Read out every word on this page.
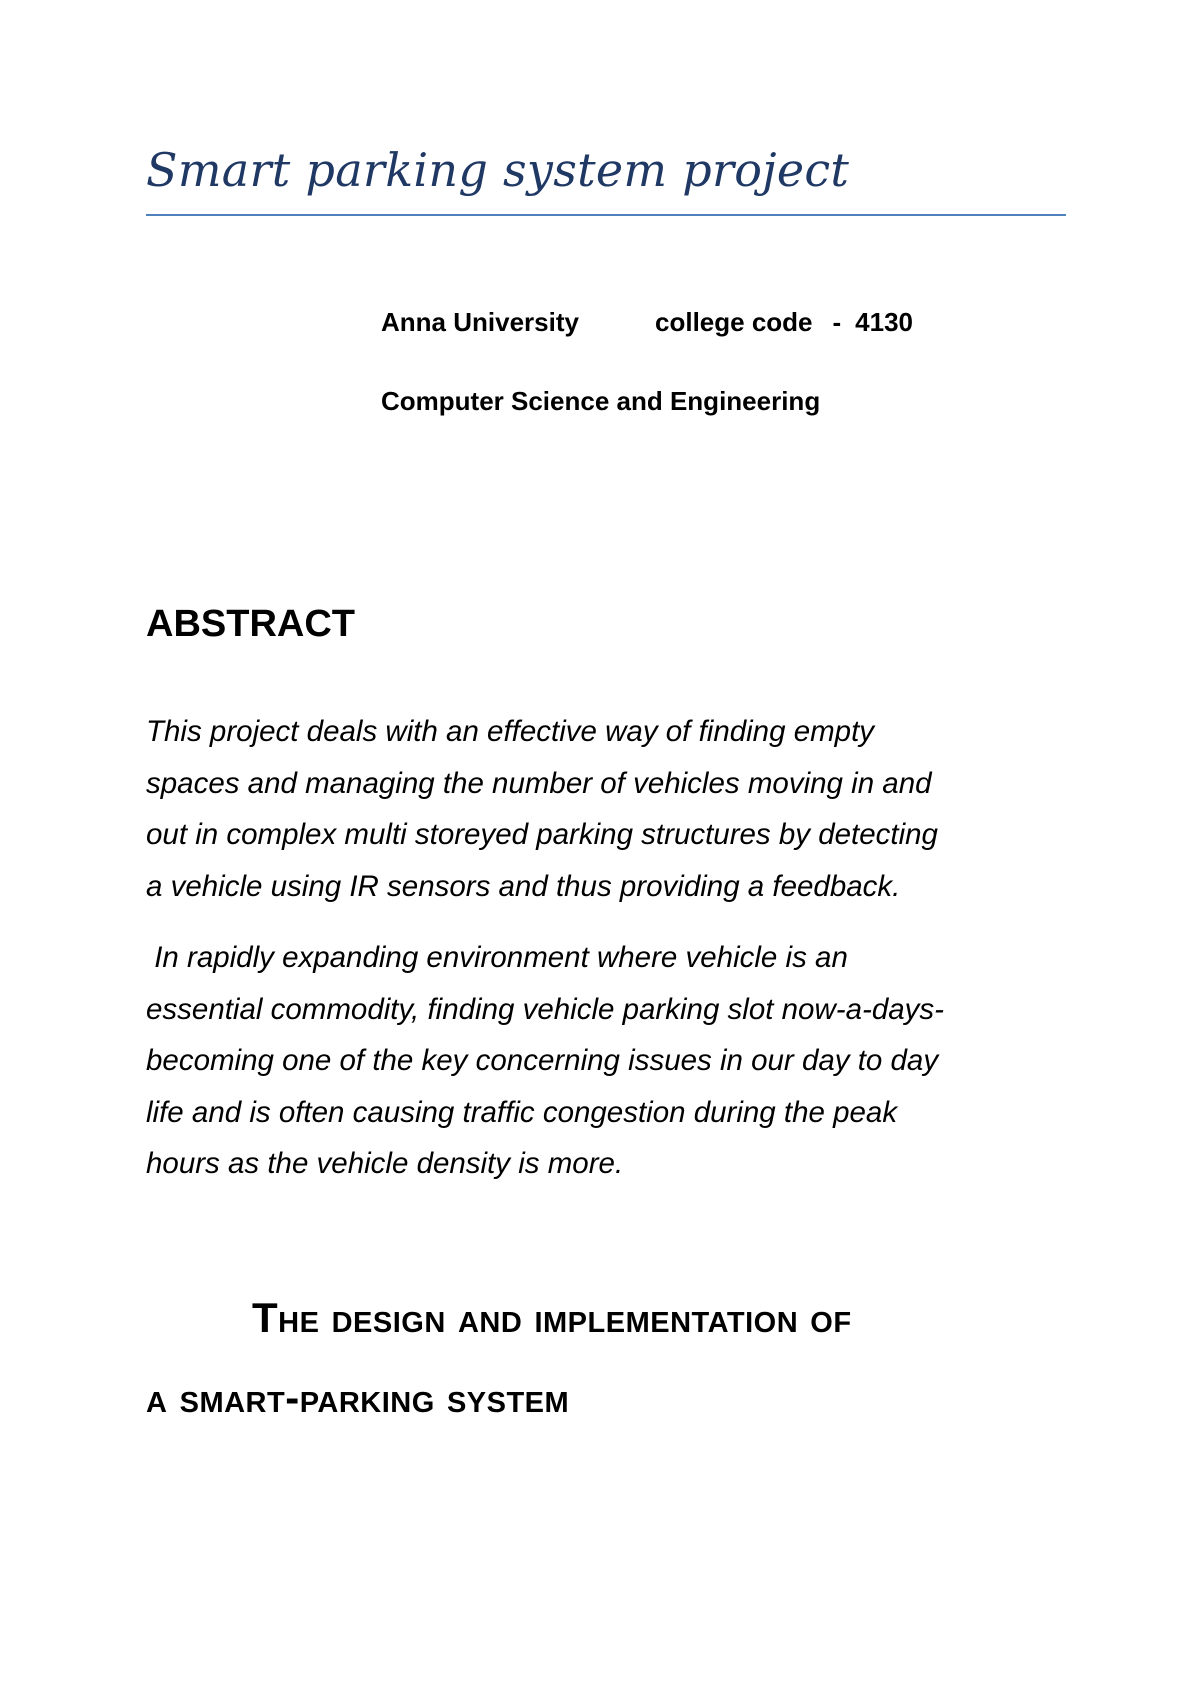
Smart parking system project
Anna University	college code - 4130
Computer Science and Engineering
ABSTRACT

This project deals with an effective way of finding empty
spaces and managing the number of vehicles moving in and
out in complex multi storeyed parking structures by detecting
a vehicle using IR sensors and thus providing a feedback.

In rapidly expanding environment where vehicle is an
essential commodity, finding vehicle parking slot now-a-days-
becoming one of the key concerning issues in our day to day
life and is often causing traffic congestion during the peak
hours as the vehicle density is more.

The design and implementation of
a smart-parking system
